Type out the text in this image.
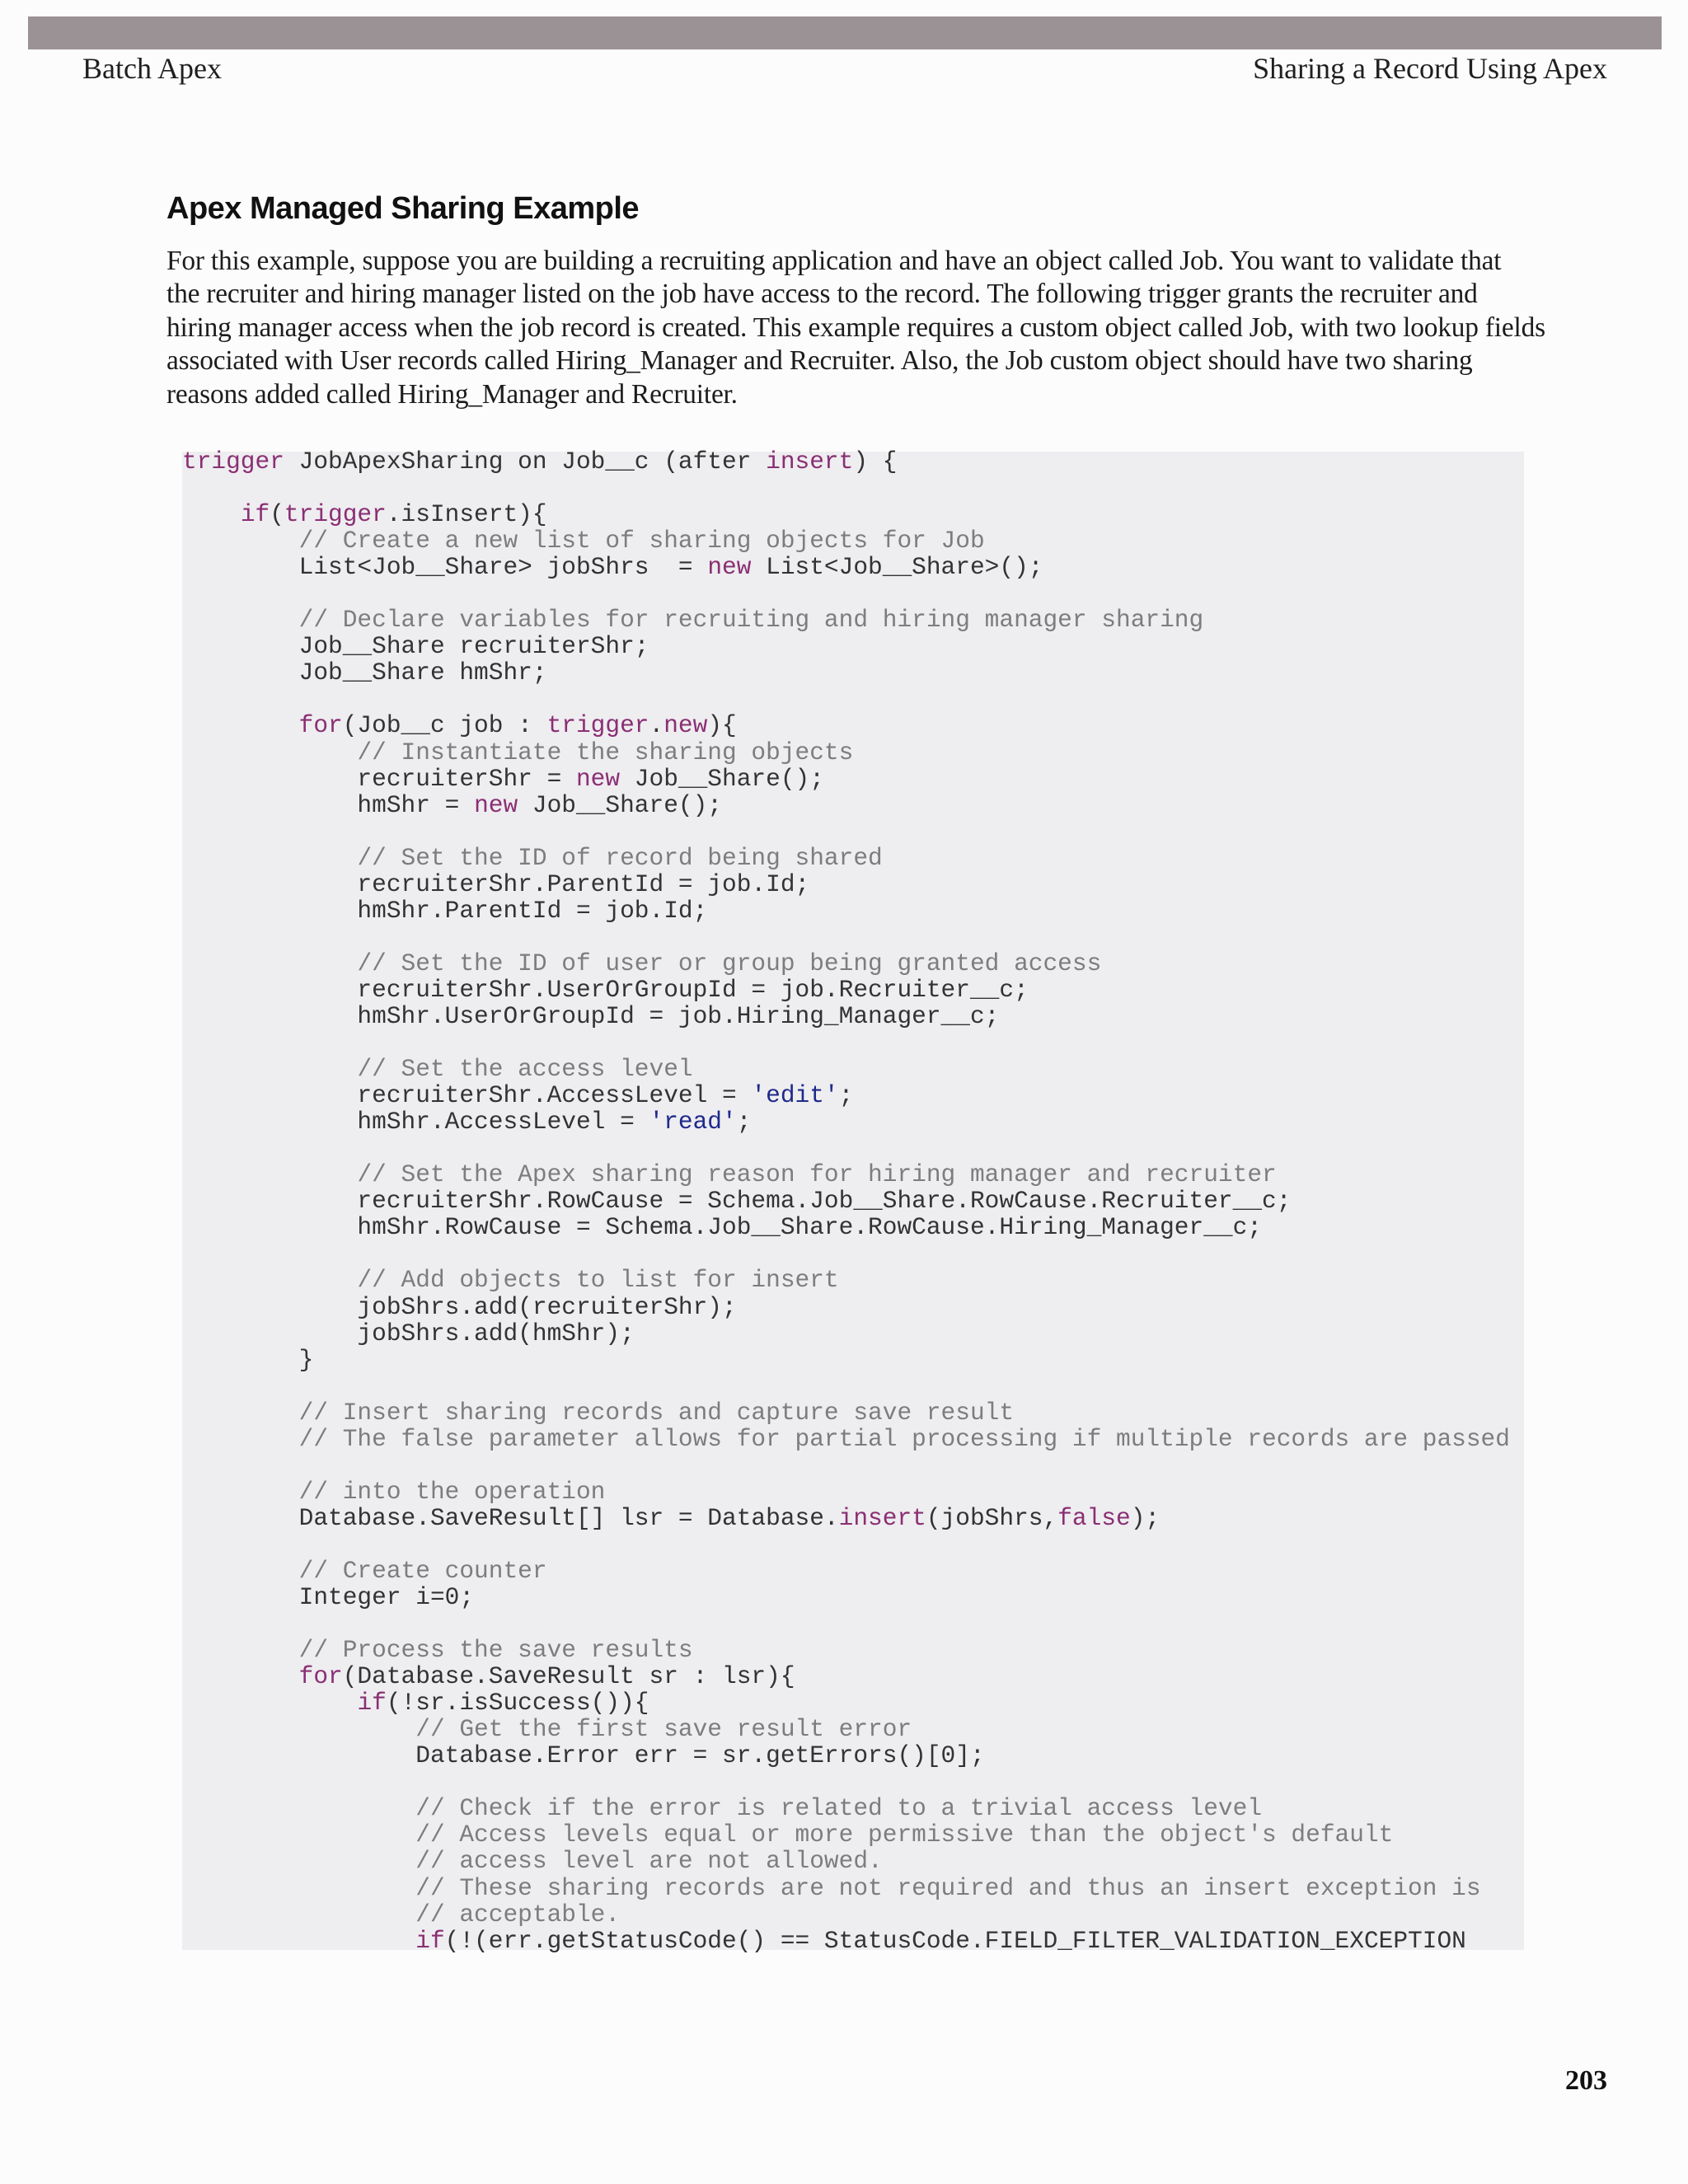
Batch Apex	Sharing a Record Using Apex
Apex Managed Sharing Example

For this example, suppose you are building a recruiting application and have an object called Job. You want to validate that
the recruiter and hiring manager listed on the job have access to the record. The following trigger grants the recruiter and
hiring manager access when the job record is created. This example requires a custom object called Job, with two lookup fields
associated with User records called Hiring_Manager and Recruiter. Also, the Job custom object should have two sharing
reasons added called Hiring_Manager and Recruiter.

trigger JobApexSharing on Job__c (after insert) {
if(trigger.isInsert){
// Create a new list of sharing objects for Job
List<Job__Share> jobShrs  = new List<Job__Share>();
// Declare variables for recruiting and hiring manager sharing
Job__Share recruiterShr;
Job__Share hmShr;
for(Job__c job : trigger.new){
// Instantiate the sharing objects
recruiterShr = new Job__Share();
hmShr = new Job__Share();
// Set the ID of record being shared
recruiterShr.ParentId = job.Id;
hmShr.ParentId = job.Id;
// Set the ID of user or group being granted access
recruiterShr.UserOrGroupId = job.Recruiter__c;
hmShr.UserOrGroupId = job.Hiring_Manager__c;
// Set the access level
recruiterShr.AccessLevel = 'edit';
hmShr.AccessLevel = 'read';
// Set the Apex sharing reason for hiring manager and recruiter
recruiterShr.RowCause = Schema.Job__Share.RowCause.Recruiter__c;
hmShr.RowCause = Schema.Job__Share.RowCause.Hiring_Manager__c;
// Add objects to list for insert
jobShrs.add(recruiterShr);
jobShrs.add(hmShr);
}
// Insert sharing records and capture save result
// The false parameter allows for partial processing if multiple records are passed
// into the operation
Database.SaveResult[] lsr = Database.insert(jobShrs,false);
// Create counter
Integer i=0;
// Process the save results
for(Database.SaveResult sr : lsr){
if(!sr.isSuccess()){
// Get the first save result error
Database.Error err = sr.getErrors()[0];
// Check if the error is related to a trivial access level
// Access levels equal or more permissive than the object's default
// access level are not allowed.
// These sharing records are not required and thus an insert exception is
// acceptable.
if(!(err.getStatusCode() == StatusCode.FIELD_FILTER_VALIDATION_EXCEPTION
203
